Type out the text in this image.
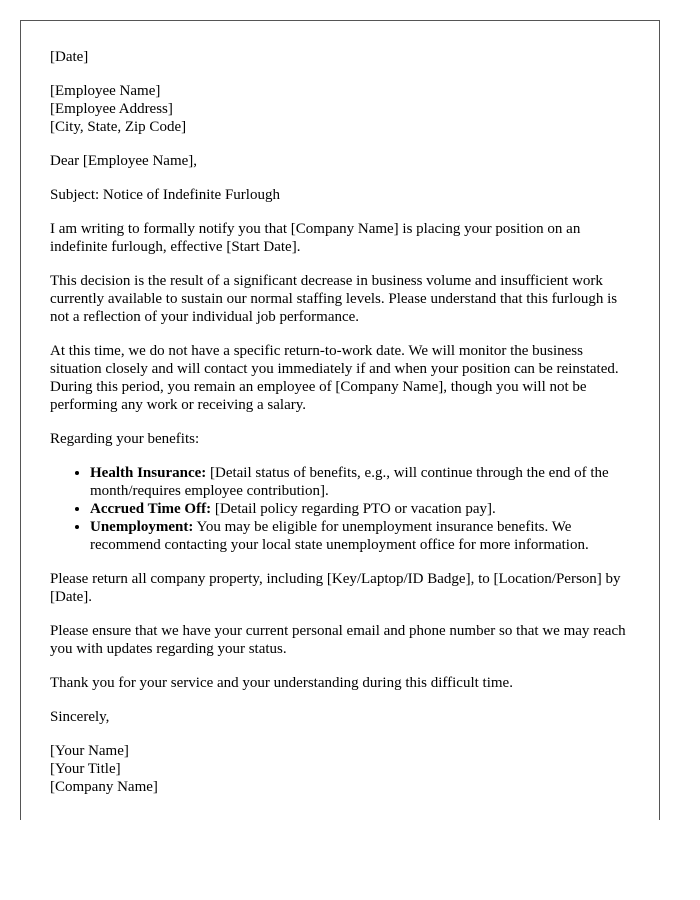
[Date]

[Employee Name]
[Employee Address]
[City, State, Zip Code]

Dear [Employee Name],

Subject: Notice of Indefinite Furlough

I am writing to formally notify you that [Company Name] is placing your position on an indefinite furlough, effective [Start Date].

This decision is the result of a significant decrease in business volume and insufficient work currently available to sustain our normal staffing levels. Please understand that this furlough is not a reflection of your individual job performance.

At this time, we do not have a specific return-to-work date. We will monitor the business situation closely and will contact you immediately if and when your position can be reinstated. During this period, you remain an employee of [Company Name], though you will not be performing any work or receiving a salary.

Regarding your benefits:

• Health Insurance: [Detail status of benefits, e.g., will continue through the end of the month/requires employee contribution].
• Accrued Time Off: [Detail policy regarding PTO or vacation pay].
• Unemployment: You may be eligible for unemployment insurance benefits. We recommend contacting your local state unemployment office for more information.

Please return all company property, including [Key/Laptop/ID Badge], to [Location/Person] by [Date].

Please ensure that we have your current personal email and phone number so that we may reach you with updates regarding your status.

Thank you for your service and your understanding during this difficult time.

Sincerely,

[Your Name]
[Your Title]
[Company Name]
